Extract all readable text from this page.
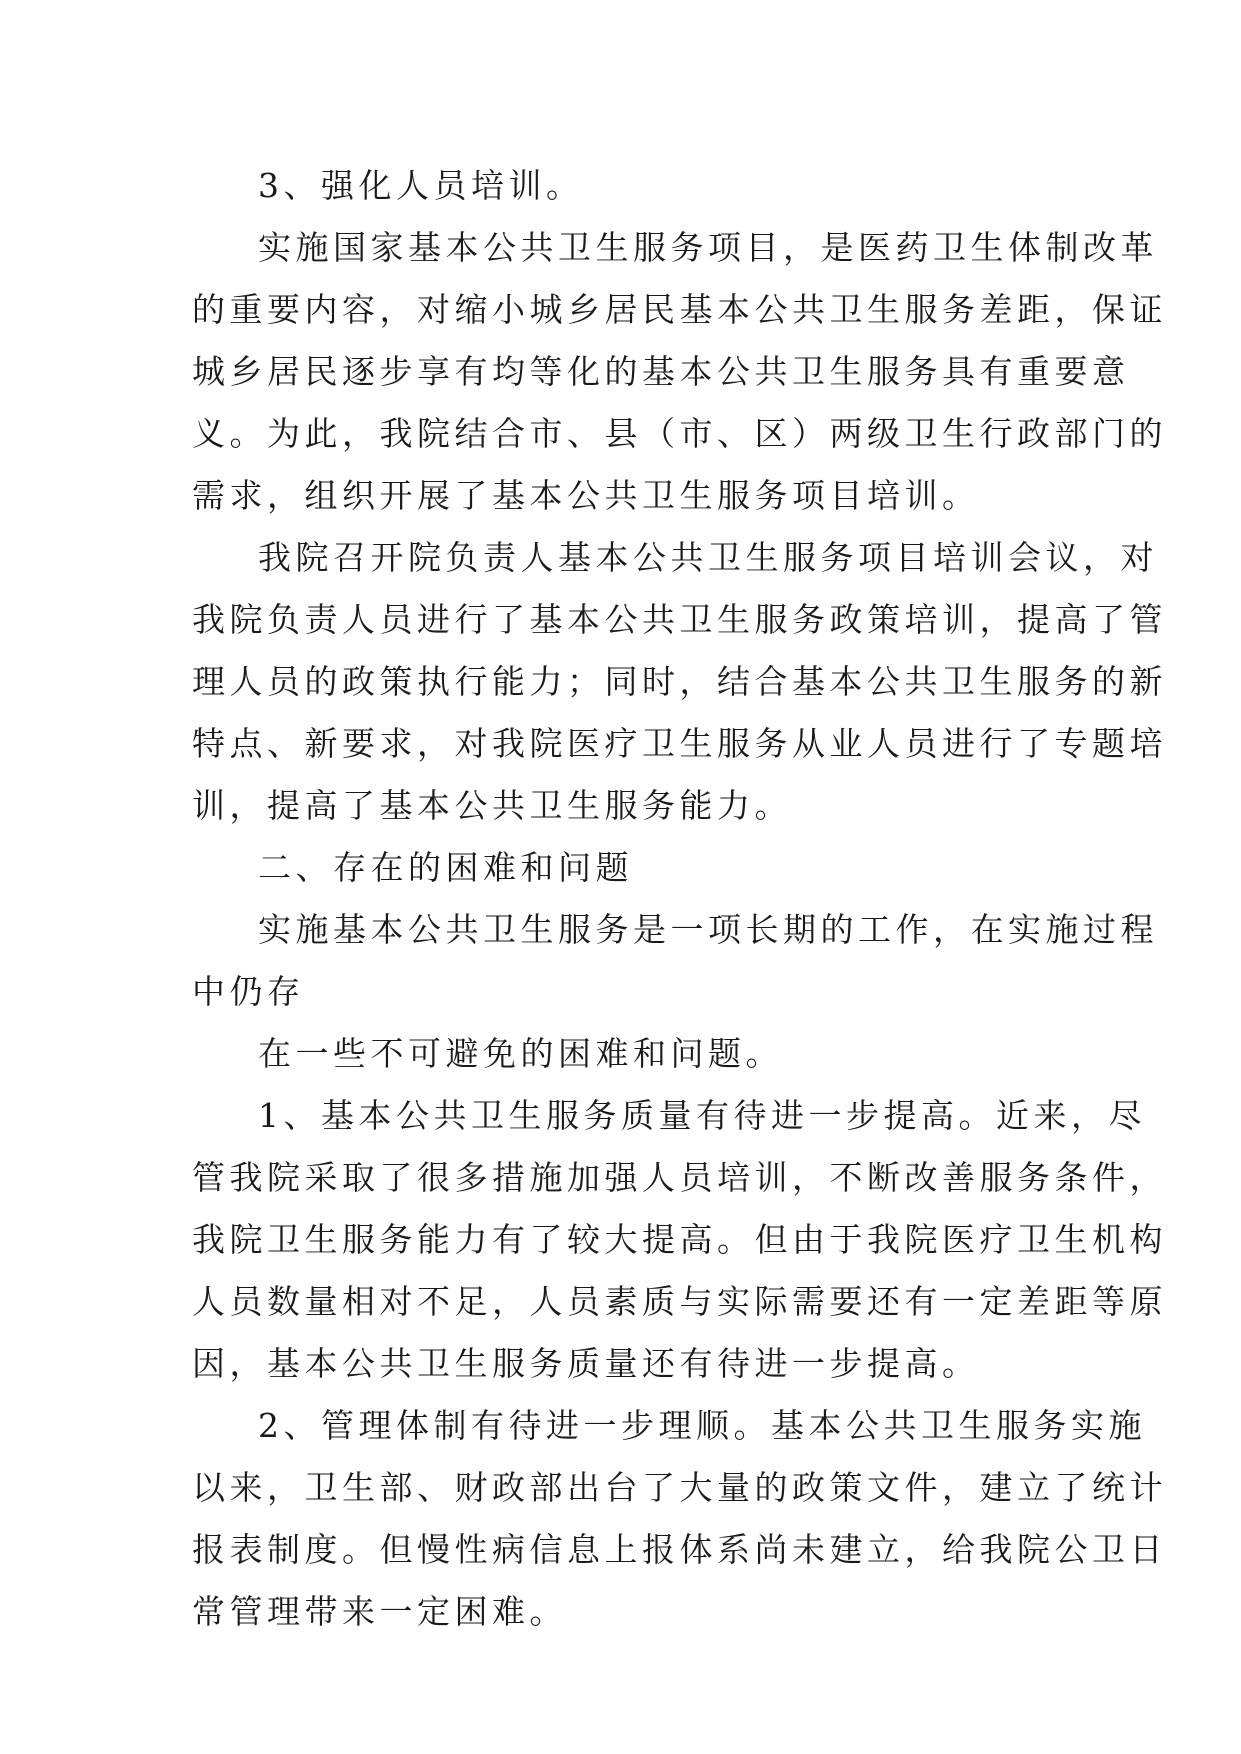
3、强化人员培训。
实施国家基本公共卫生服务项目，是医药卫生体制改革
的重要内容，对缩小城乡居民基本公共卫生服务差距，保证
城乡居民逐步享有均等化的基本公共卫生服务具有重要意
义。为此，我院结合市、县（市、区）两级卫生行政部门的
需求，组织开展了基本公共卫生服务项目培训。
我院召开院负责人基本公共卫生服务项目培训会议，对
我院负责人员进行了基本公共卫生服务政策培训，提高了管
理人员的政策执行能力；同时，结合基本公共卫生服务的新
特点、新要求，对我院医疗卫生服务从业人员进行了专题培
训，提高了基本公共卫生服务能力。
二、存在的困难和问题
实施基本公共卫生服务是一项长期的工作，在实施过程
中仍存
在一些不可避免的困难和问题。
1、基本公共卫生服务质量有待进一步提高。近来，尽
管我院采取了很多措施加强人员培训，不断改善服务条件，
我院卫生服务能力有了较大提高。但由于我院医疗卫生机构
人员数量相对不足，人员素质与实际需要还有一定差距等原
因，基本公共卫生服务质量还有待进一步提高。
2、管理体制有待进一步理顺。基本公共卫生服务实施
以来，卫生部、财政部出台了大量的政策文件，建立了统计
报表制度。但慢性病信息上报体系尚未建立，给我院公卫日
常管理带来一定困难。
